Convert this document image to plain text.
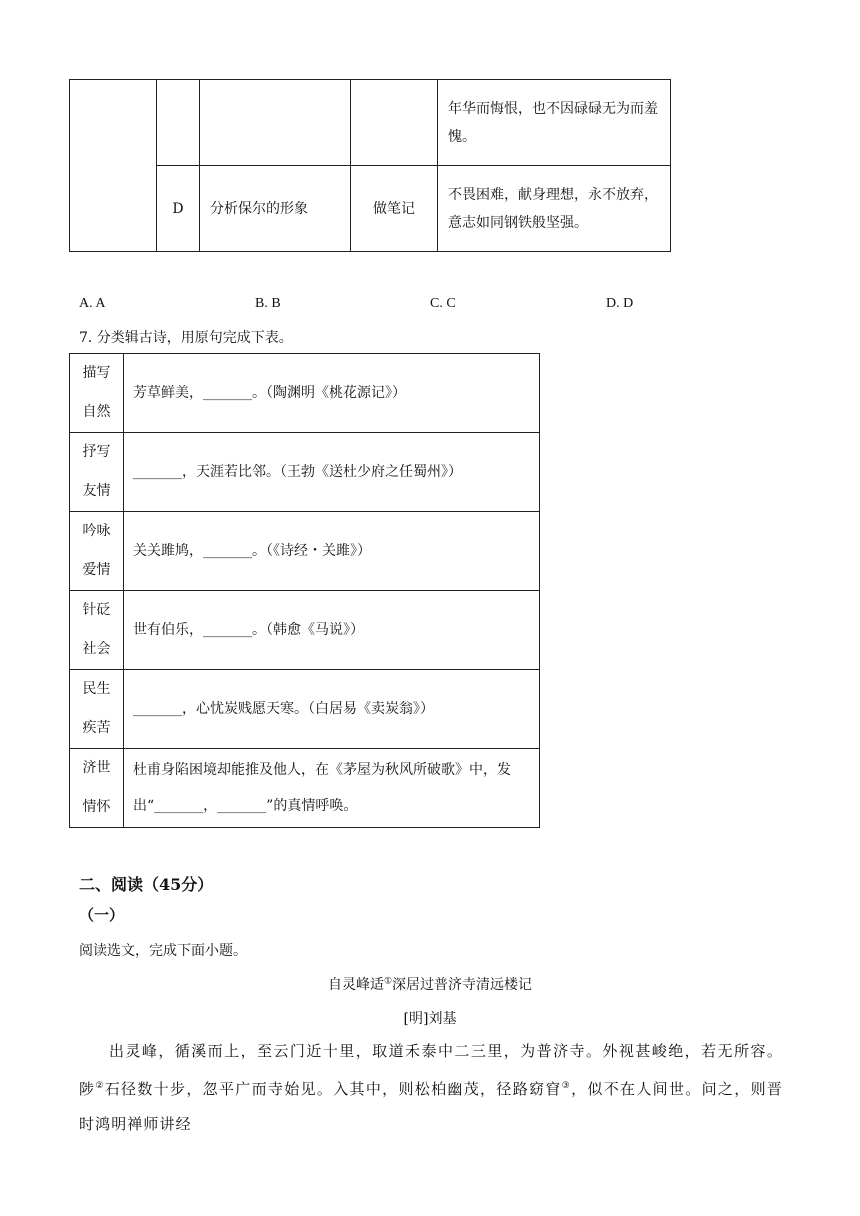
				年华而悔恨，也不因碌碌无为而羞愧。
	D	分析保尔的形象	做笔记	不畏困难，献身理想，永不放弃，意志如同钢铁般坚强。
A. A	B. B	C. C	D. D
7. 分类辑古诗，用原句完成下表。
描写
自然	芳草鲜美，_______。（陶渊明《桃花源记》）

抒写
友情	_______，天涯若比邻。（王勃《送杜少府之任蜀州》）

吟咏
爱情	关关雎鸠，_______。（《诗经・关雎》）

针砭
社会	世有伯乐，_______。（韩愈《马说》）

民生
疾苦	_______，心忧炭贱愿天寒。（白居易《卖炭翁》）

济世
情怀	杜甫身陷困境却能推及他人，在《茅屋为秋风所破歌》中，发出“_______，_______”的真情呼唤。
二、阅读（45分）
（一）
阅读选文，完成下面小题。
自灵峰适①深居过普济寺清远楼记
[明]刘基
出灵峰，循溪而上，至云门近十里，取道禾泰中二三里，为普济寺。外视甚峻绝，若无所容。陟②石径数十步，忽平广而寺始见。入其中，则松柏幽茂，径路窈窅③，似不在人间世。问之，则晋时鸿明禅师讲经
